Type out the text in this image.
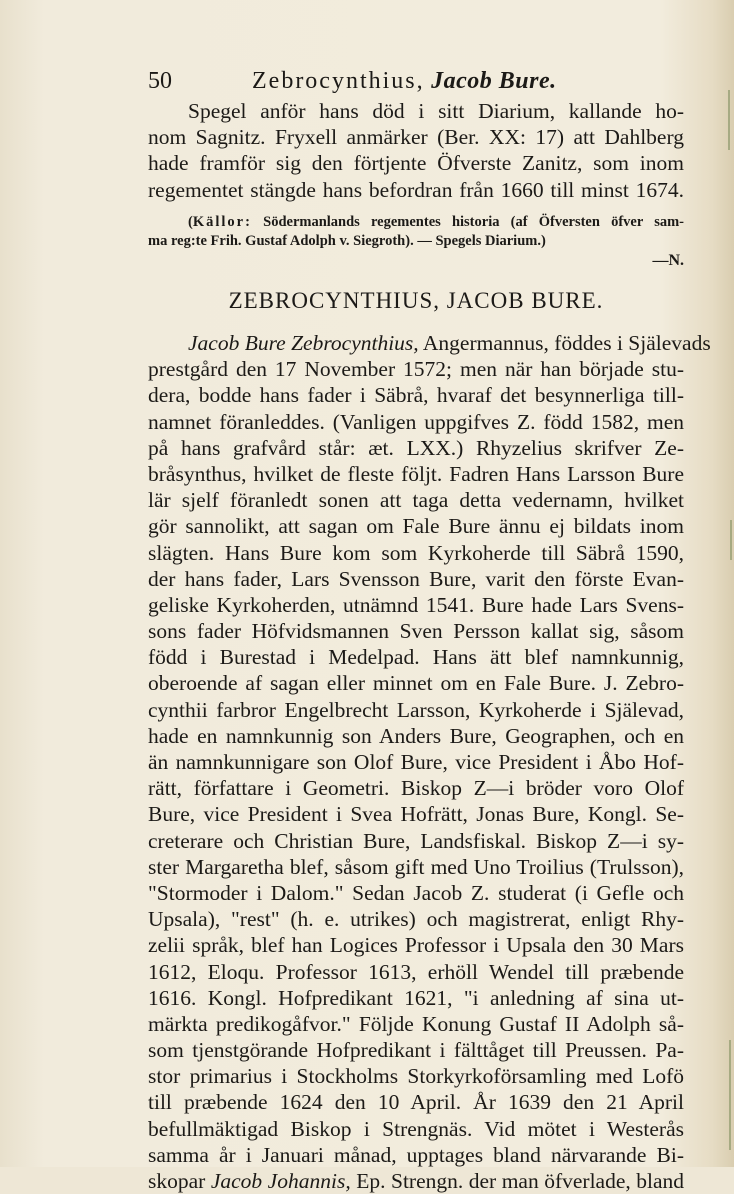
50	Zebrocynthius, Jacob Bure.
Spegel anför hans död i sitt Diarium, kallande ho-
nom Sagnitz. Fryxell anmärker (Ber. XX: 17) att Dahlberg
hade framför sig den förtjente Öfverste Zanitz, som inom
regementet stängde hans befordran från 1660 till minst 1674.
(Källor: Södermanlands regementes historia (af Öfversten öfver sam-
ma reg:te Frih. Gustaf Adolph v. Siegroth). — Spegels Diarium.)
—N.
ZEBROCYNTHIUS, JACOB BURE.
Jacob Bure Zebrocynthius, Angermannus, föddes i Själevads
prestgård den 17 November 1572; men när han började stu-
dera, bodde hans fader i Säbrå, hvaraf det besynnerliga till-
namnet föranleddes. (Vanligen uppgifves Z. född 1582, men
på hans grafvård står: æt. LXX.) Rhyzelius skrifver Ze-
bråsynthus, hvilket de fleste följt. Fadren Hans Larsson Bure
lär sjelf föranledt sonen att taga detta vedernamn, hvilket
gör sannolikt, att sagan om Fale Bure ännu ej bildats inom
slägten. Hans Bure kom som Kyrkoherde till Säbrå 1590,
der hans fader, Lars Svensson Bure, varit den förste Evan-
geliske Kyrkoherden, utnämnd 1541. Bure hade Lars Svens-
sons fader Höfvidsmannen Sven Persson kallat sig, såsom
född i Burestad i Medelpad. Hans ätt blef namnkunnig,
oberoende af sagan eller minnet om en Fale Bure. J. Zebro-
cynthii farbror Engelbrecht Larsson, Kyrkoherde i Själevad,
hade en namnkunnig son Anders Bure, Geographen, och en
än namnkunnigare son Olof Bure, vice President i Åbo Hof-
rätt, författare i Geometri. Biskop Z—i bröder voro Olof
Bure, vice President i Svea Hofrätt, Jonas Bure, Kongl. Se-
creterare och Christian Bure, Landsfiskal. Biskop Z—i sy-
ster Margaretha blef, såsom gift med Uno Troilius (Trulsson),
"Stormoder i Dalom." Sedan Jacob Z. studerat (i Gefle och
Upsala), "rest" (h. e. utrikes) och magistrerat, enligt Rhy-
zelii språk, blef han Logices Professor i Upsala den 30 Mars
1612, Eloqu. Professor 1613, erhöll Wendel till præbende
1616. Kongl. Hofpredikant 1621, "i anledning af sina ut-
märkta predikogåfvor." Följde Konung Gustaf II Adolph så-
som tjenstgörande Hofpredikant i fälttåget till Preussen. Pa-
stor primarius i Stockholms Storkyrkoförsamling med Lofö
till præbende 1624 den 10 April. År 1639 den 21 April
befullmäktigad Biskop i Strengnäs. Vid mötet i Westerås
samma år i Januari månad, upptages bland närvarande Bi-
skopar Jacob Johannis, Ep. Strengn. der man öfverlade, bland
